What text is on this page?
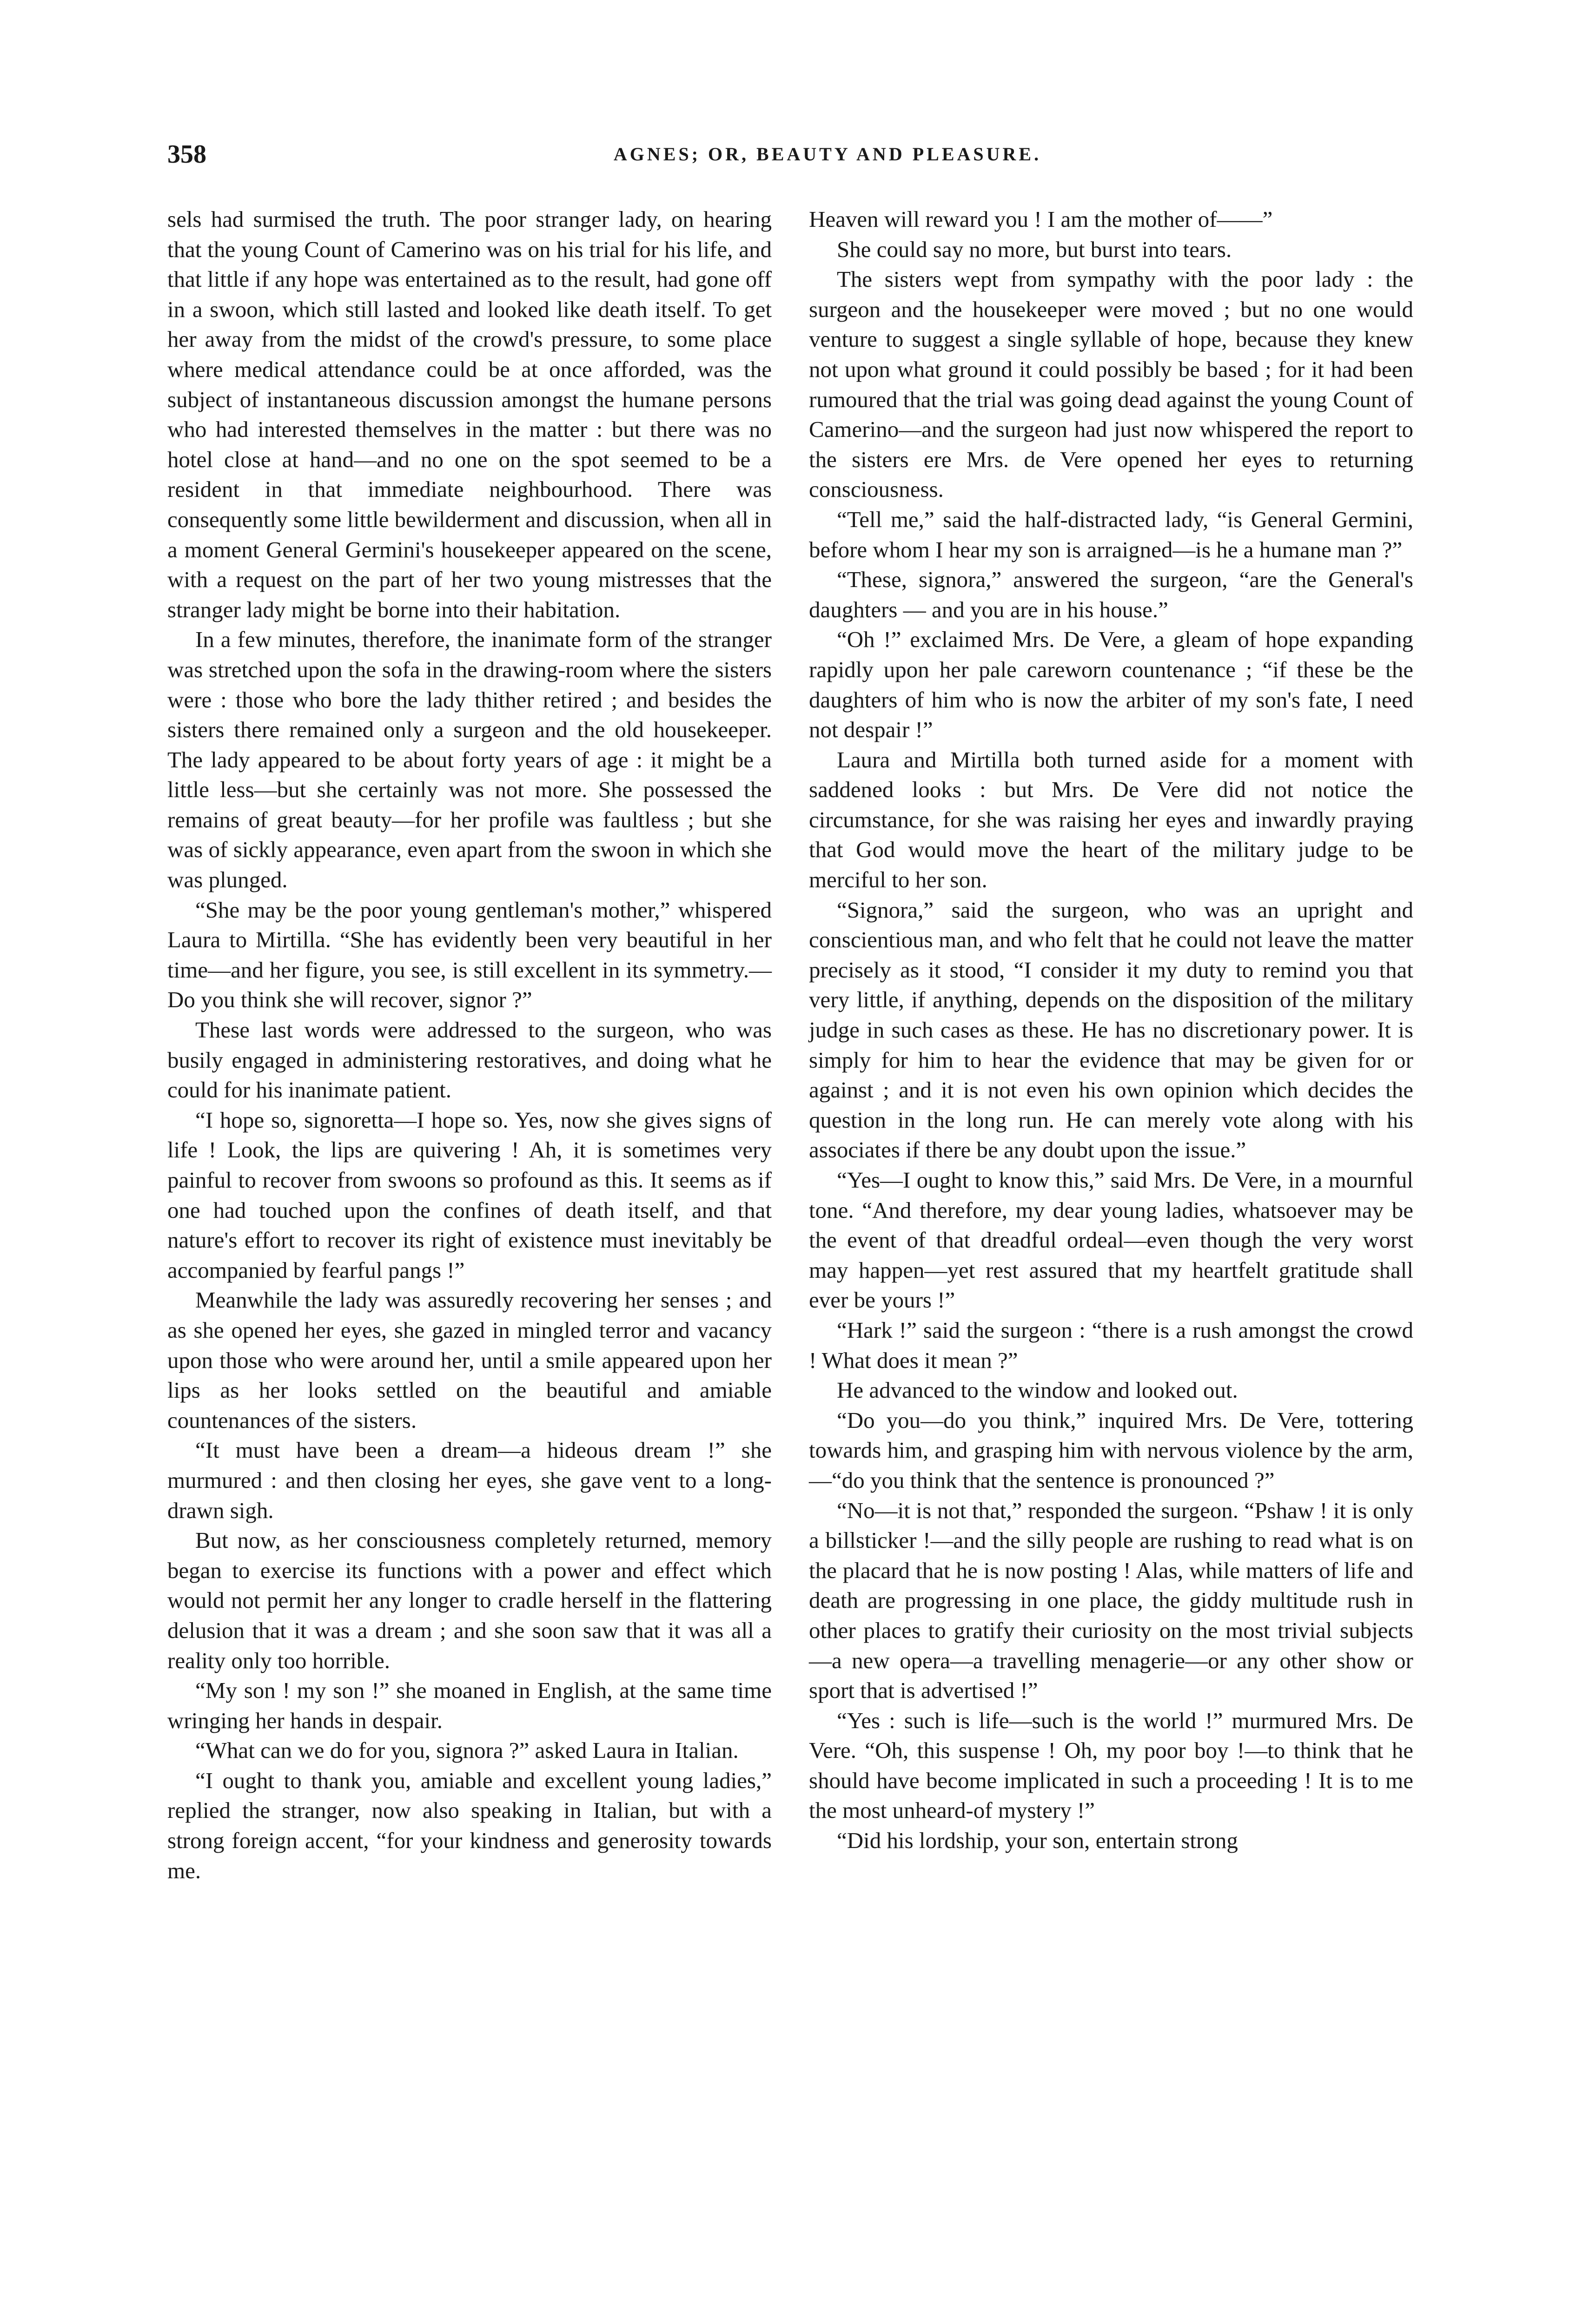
358	AGNES; OR, BEAUTY AND PLEASURE.

sels had surmised the truth. The poor stranger lady, on hearing that the young Count of Camerino was on his trial for his life, and that little if any hope was entertained as to the result, had gone off in a swoon, which still lasted and looked like death itself. To get her away from the midst of the crowd's pressure, to some place where medical attendance could be at once afforded, was the subject of instantaneous discussion amongst the humane persons who had interested themselves in the matter : but there was no hotel close at hand—and no one on the spot seemed to be a resident in that immediate neighbourhood. There was consequently some little bewilderment and discussion, when all in a moment General Germini's housekeeper appeared on the scene, with a request on the part of her two young mistresses that the stranger lady might be borne into their habitation.

In a few minutes, therefore, the inanimate form of the stranger was stretched upon the sofa in the drawing-room where the sisters were : those who bore the lady thither retired ; and besides the sisters there remained only a surgeon and the old housekeeper. The lady appeared to be about forty years of age : it might be a little less—but she certainly was not more. She possessed the remains of great beauty—for her profile was faultless ; but she was of sickly appearance, even apart from the swoon in which she was plunged.

“She may be the poor young gentleman's mother,” whispered Laura to Mirtilla. “She has evidently been very beautiful in her time—and her figure, you see, is still excellent in its symmetry.—Do you think she will recover, signor ?”

These last words were addressed to the surgeon, who was busily engaged in administering restoratives, and doing what he could for his inanimate patient.

“I hope so, signoretta—I hope so. Yes, now she gives signs of life ! Look, the lips are quivering ! Ah, it is sometimes very painful to recover from swoons so profound as this. It seems as if one had touched upon the confines of death itself, and that nature's effort to recover its right of existence must inevitably be accompanied by fearful pangs !”

Meanwhile the lady was assuredly recovering her senses ; and as she opened her eyes, she gazed in mingled terror and vacancy upon those who were around her, until a smile appeared upon her lips as her looks settled on the beautiful and amiable countenances of the sisters.

“It must have been a dream—a hideous dream !” she murmured : and then closing her eyes, she gave vent to a long-drawn sigh.

But now, as her consciousness completely returned, memory began to exercise its functions with a power and effect which would not permit her any longer to cradle herself in the flattering delusion that it was a dream ; and she soon saw that it was all a reality only too horrible.

“My son ! my son !” she moaned in English, at the same time wringing her hands in despair.

“What can we do for you, signora ?” asked Laura in Italian.

“I ought to thank you, amiable and excellent young ladies,” replied the stranger, now also speaking in Italian, but with a strong foreign accent, “for your kindness and generosity towards me.

Heaven will reward you ! I am the mother of——”

She could say no more, but burst into tears.

The sisters wept from sympathy with the poor lady : the surgeon and the housekeeper were moved ; but no one would venture to suggest a single syllable of hope, because they knew not upon what ground it could possibly be based ; for it had been rumoured that the trial was going dead against the young Count of Camerino—and the surgeon had just now whispered the report to the sisters ere Mrs. de Vere opened her eyes to returning consciousness.

“Tell me,” said the half-distracted lady, “is General Germini, before whom I hear my son is arraigned—is he a humane man ?”

“These, signora,” answered the surgeon, “are the General's daughters — and you are in his house.”

“Oh !” exclaimed Mrs. De Vere, a gleam of hope expanding rapidly upon her pale careworn countenance ; “if these be the daughters of him who is now the arbiter of my son's fate, I need not despair !”

Laura and Mirtilla both turned aside for a moment with saddened looks : but Mrs. De Vere did not notice the circumstance, for she was raising her eyes and inwardly praying that God would move the heart of the military judge to be merciful to her son.

“Signora,” said the surgeon, who was an upright and conscientious man, and who felt that he could not leave the matter precisely as it stood, “I consider it my duty to remind you that very little, if anything, depends on the disposition of the military judge in such cases as these. He has no discretionary power. It is simply for him to hear the evidence that may be given for or against ; and it is not even his own opinion which decides the question in the long run. He can merely vote along with his associates if there be any doubt upon the issue.”

“Yes—I ought to know this,” said Mrs. De Vere, in a mournful tone. “And therefore, my dear young ladies, whatsoever may be the event of that dreadful ordeal—even though the very worst may happen—yet rest assured that my heartfelt gratitude shall ever be yours !”

“Hark !” said the surgeon : “there is a rush amongst the crowd ! What does it mean ?”

He advanced to the window and looked out.

“Do you—do you think,” inquired Mrs. De Vere, tottering towards him, and grasping him with nervous violence by the arm,—“do you think that the sentence is pronounced ?”

“No—it is not that,” responded the surgeon. “Pshaw ! it is only a billsticker !—and the silly people are rushing to read what is on the placard that he is now posting ! Alas, while matters of life and death are progressing in one place, the giddy multitude rush in other places to gratify their curiosity on the most trivial subjects—a new opera—a travelling menagerie—or any other show or sport that is advertised !”

“Yes : such is life—such is the world !” murmured Mrs. De Vere. “Oh, this suspense ! Oh, my poor boy !—to think that he should have become implicated in such a proceeding ! It is to me the most unheard-of mystery !”

“Did his lordship, your son, entertain strong
